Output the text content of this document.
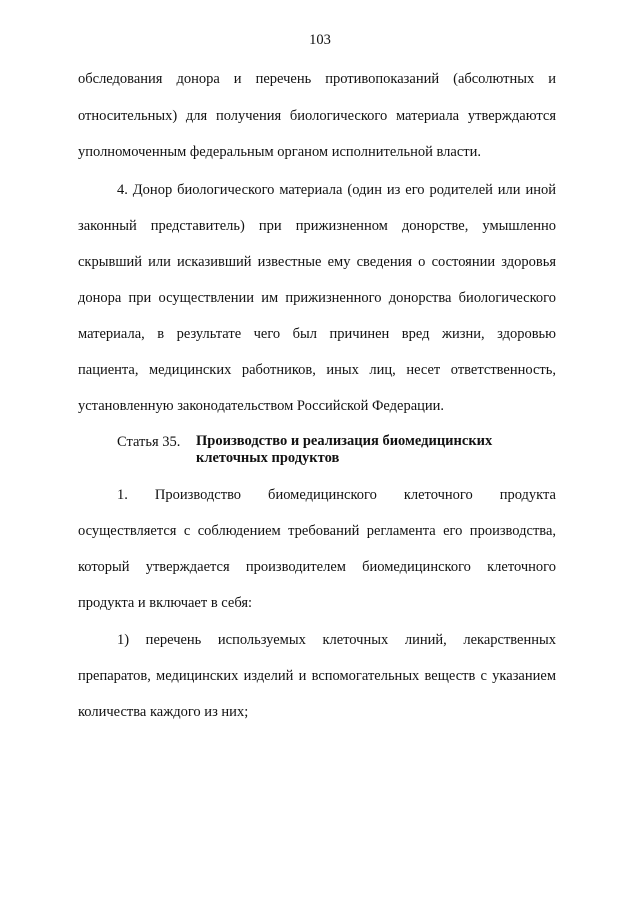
103
обследования донора и перечень противопоказаний (абсолютных и
относительных) для получения биологического материала утверждаются
уполномоченным федеральным органом исполнительной власти.
4. Донор биологического материала (один из его родителей или иной
законный представитель) при прижизненном донорстве, умышленно
скрывший или исказивший известные ему сведения о состоянии здоровья
донора при осуществлении им прижизненного донорства биологического
материала, в результате чего был причинен вред жизни, здоровью
пациента, медицинских работников, иных лиц, несет ответственность,
установленную законодательством Российской Федерации.
Статья 35. Производство и реализация биомедицинских
клеточных продуктов
1. Производство биомедицинского клеточного продукта
осуществляется с соблюдением требований регламента его производства,
который утверждается производителем биомедицинского клеточного
продукта и включает в себя:
1) перечень используемых клеточных линий, лекарственных
препаратов, медицинских изделий и вспомогательных веществ с указанием
количества каждого из них;
